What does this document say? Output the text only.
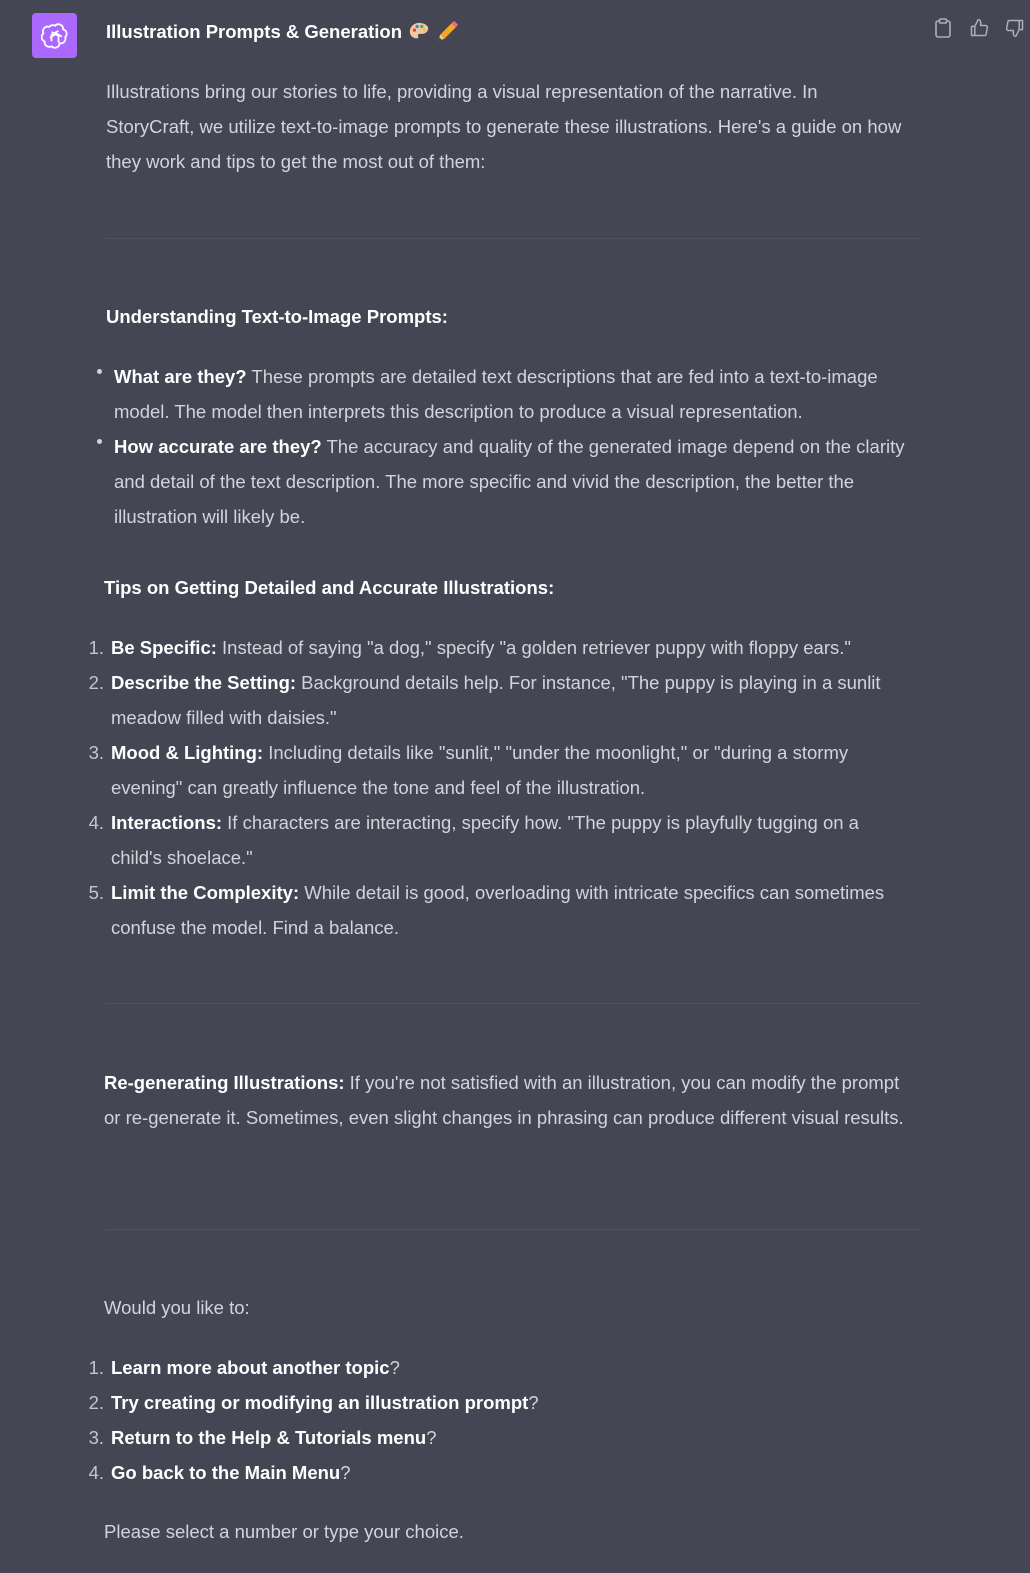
Illustration Prompts & Generation

Illustrations bring our stories to life, providing a visual representation of the narrative. In StoryCraft, we utilize text-to-image prompts to generate these illustrations. Here's a guide on how they work and tips to get the most out of them:

Understanding Text-to-Image Prompts:

What are they? These prompts are detailed text descriptions that are fed into a text-to-image model. The model then interprets this description to produce a visual representation.
How accurate are they? The accuracy and quality of the generated image depend on the clarity and detail of the text description. The more specific and vivid the description, the better the illustration will likely be.

Tips on Getting Detailed and Accurate Illustrations:

1. Be Specific: Instead of saying "a dog," specify "a golden retriever puppy with floppy ears."
2. Describe the Setting: Background details help. For instance, "The puppy is playing in a sunlit meadow filled with daisies."
3. Mood & Lighting: Including details like "sunlit," "under the moonlight," or "during a stormy evening" can greatly influence the tone and feel of the illustration.
4. Interactions: If characters are interacting, specify how. "The puppy is playfully tugging on a child's shoelace."
5. Limit the Complexity: While detail is good, overloading with intricate specifics can sometimes confuse the model. Find a balance.

Re-generating Illustrations: If you're not satisfied with an illustration, you can modify the prompt or re-generate it. Sometimes, even slight changes in phrasing can produce different visual results.

Would you like to:

1. Learn more about another topic?
2. Try creating or modifying an illustration prompt?
3. Return to the Help & Tutorials menu?
4. Go back to the Main Menu?

Please select a number or type your choice.
